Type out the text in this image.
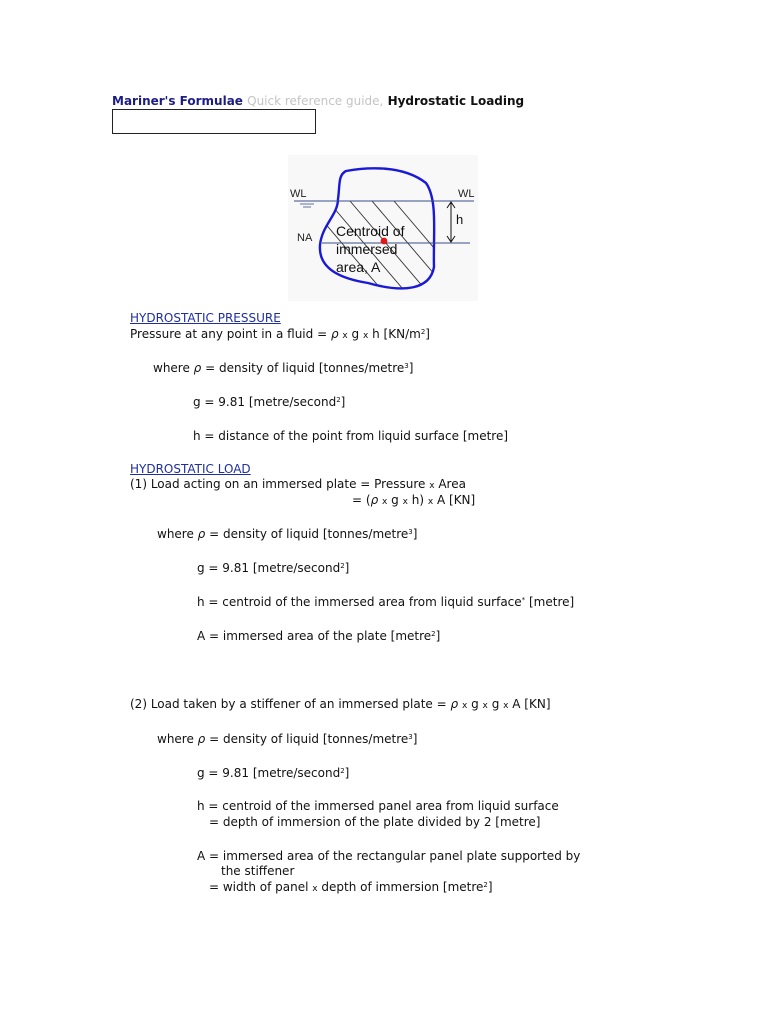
Mariner's Formulae Quick reference guide, Hydrostatic Loading
WL	WL
NA
h
Centroid of
immersed
area, A
HYDROSTATIC PRESSURE
Pressure at any point in a fluid = ρ x g x h $[KN/m^2]$
where ρ = density of liquid [tonnes/metre$^3$]
g = 9.81 [metre/second$^2$]
h = distance of the point from liquid surface [metre]
HYDROSTATIC LOAD
(1) Load acting on an immersed plate = Pressure x Area
= (ρ x g x h) x A [KN]
where ρ = density of liquid [tonnes/metre$^3$]
g = 9.81 [metre/second$^2$]
h = centroid of the immersed area from liquid surface* [metre]
A = immersed area of the plate [metre$^2$]
(2) Load taken by a stiffener of an immersed plate = ρ x g x g x A [KN]
where ρ = density of liquid [tonnes/metre$^3$]
g = 9.81 [metre/second$^2$]
h = centroid of the immersed panel area from liquid surface
= depth of immersion of the plate divided by 2 [metre]
A = immersed area of the rectangular panel plate supported by
the stiffener
= width of panel x depth of immersion [metre$^2$]
